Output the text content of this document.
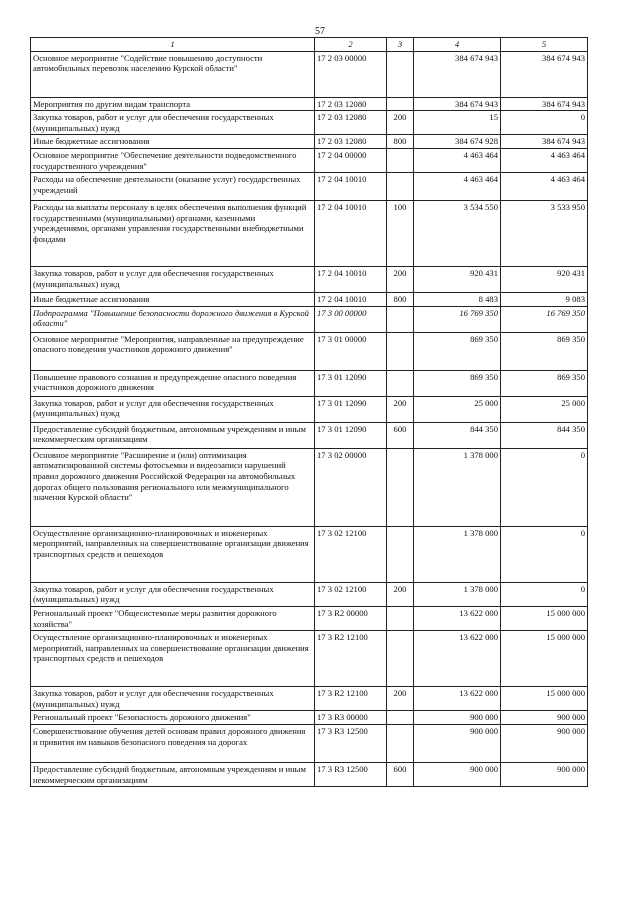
57
1	2	3	4	5
Основное мероприятие "Содействие повышению доступности автомобильных перевозок населению Курской области"	17 2 03 00000		384 674 943	384 674 943
Мероприятия по другим видам транспорта	17 2 03 12080		384 674 943	384 674 943
Закупка товаров, работ и услуг для обеспечения государственных (муниципальных) нужд	17 2 03 12080	200	15	0
Иные бюджетные ассигнования	17 2 03 12080	800	384 674 928	384 674 943
Основное мероприятие "Обеспечение деятельности подведомственного государственного учреждения"	17 2 04 00000		4 463 464	4 463 464
Расходы на обеспечение деятельности (оказание услуг) государственных учреждений	17 2 04 10010		4 463 464	4 463 464
Расходы на выплаты персоналу в целях обеспечения выполнения функций государственными (муниципальными) органами, казенными учреждениями, органами управления государственными внебюджетными фондами	17 2 04 10010	100	3 534 550	3 533 950
Закупка товаров, работ и услуг для обеспечения государственных (муниципальных) нужд	17 2 04 10010	200	920 431	920 431
Иные бюджетные ассигнования	17 2 04 10010	800	8 483	9 083
Подпрограмма "Повышение безопасности дорожного движения в Курской области"	17 3 00 00000		16 769 350	16 769 350
Основное мероприятие "Мероприятия, направленные на предупреждение опасного поведения участников дорожного движения"	17 3 01 00000		869 350	869 350
Повышение правового сознания и предупреждение опасного поведения участников дорожного движения	17 3 01 12090		869 350	869 350
Закупка товаров, работ и услуг для обеспечения государственных (муниципальных) нужд	17 3 01 12090	200	25 000	25 000
Предоставление субсидий бюджетным, автономным учреждениям и иным некоммерческим организациям	17 3 01 12090	600	844 350	844 350
Основное мероприятие "Расширение и (или) оптимизация автоматизированной системы фотосъемки и видеозаписи нарушений правил дорожного движения Российской Федерации на автомобильных дорогах общего пользования регионального или межмуниципального значения Курской области"	17 3 02 00000		1 378 000	0
Осуществление организационно-планировочных и инженерных мероприятий, направленных на совершенствование организации движения транспортных средств и пешеходов	17 3 02 12100		1 378 000	0
Закупка товаров, работ и услуг для обеспечения государственных (муниципальных) нужд	17 3 02 12100	200	1 378 000	0
Региональный проект "Общесистемные меры развития дорожного хозяйства"	17 3 R2 00000		13 622 000	15 000 000
Осуществление организационно-планировочных и инженерных мероприятий, направленных на совершенствование организации движения транспортных средств и пешеходов	17 3 R2 12100		13 622 000	15 000 000
Закупка товаров, работ и услуг для обеспечения государственных (муниципальных) нужд	17 3 R2 12100	200	13 622 000	15 000 000
Региональный проект "Безопасность дорожного движения"	17 3 R3 00000		900 000	900 000
Совершенствование обучения детей основам правил дорожного движения и привития им навыков безопасного поведения на дорогах	17 3 R3 12500		900 000	900 000
Предоставление субсидий бюджетным, автономным учреждениям и иным некоммерческим организациям	17 3 R3 12500	600	900 000	900 000
